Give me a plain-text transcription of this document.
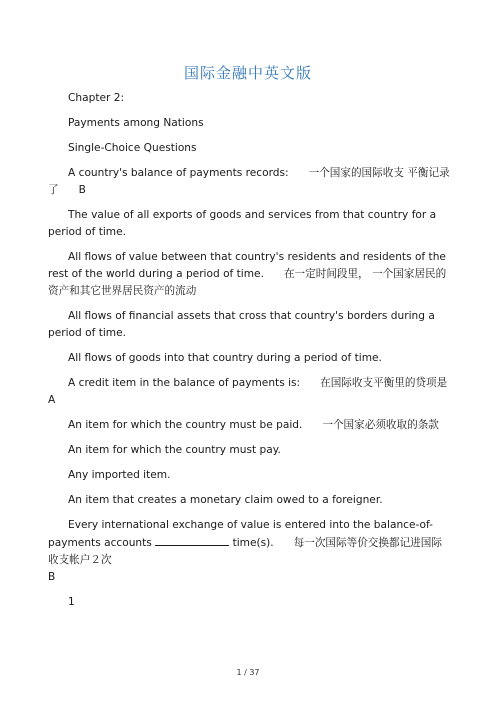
国际金融中英文版

Chapter 2:

Payments among Nations

Single-Choice Questions

A country's balance of payments records: 一个国家的国际收支 平衡记录了 B

The value of all exports of goods and services from that country for a period of time.

All flows of value between that country's residents and residents of the rest of the world during a period of time. 在一定时间段里， 一个国家居民的资产和其它世界居民资产的流动

All flows of financial assets that cross that country's borders during a period of time.

All flows of goods into that country during a period of time.

A credit item in the balance of payments is: 在国际收支平衡里的贷项是
A

An item for which the country must be paid. 一个国家必须收取的条款

An item for which the country must pay.

Any imported item.

An item that creates a monetary claim owed to a foreigner.

Every international exchange of value is entered into the balance-of-payments accounts	time(s). 每一次国际等价交换都记进国际收支帐户２次
B

1

1 / 37
